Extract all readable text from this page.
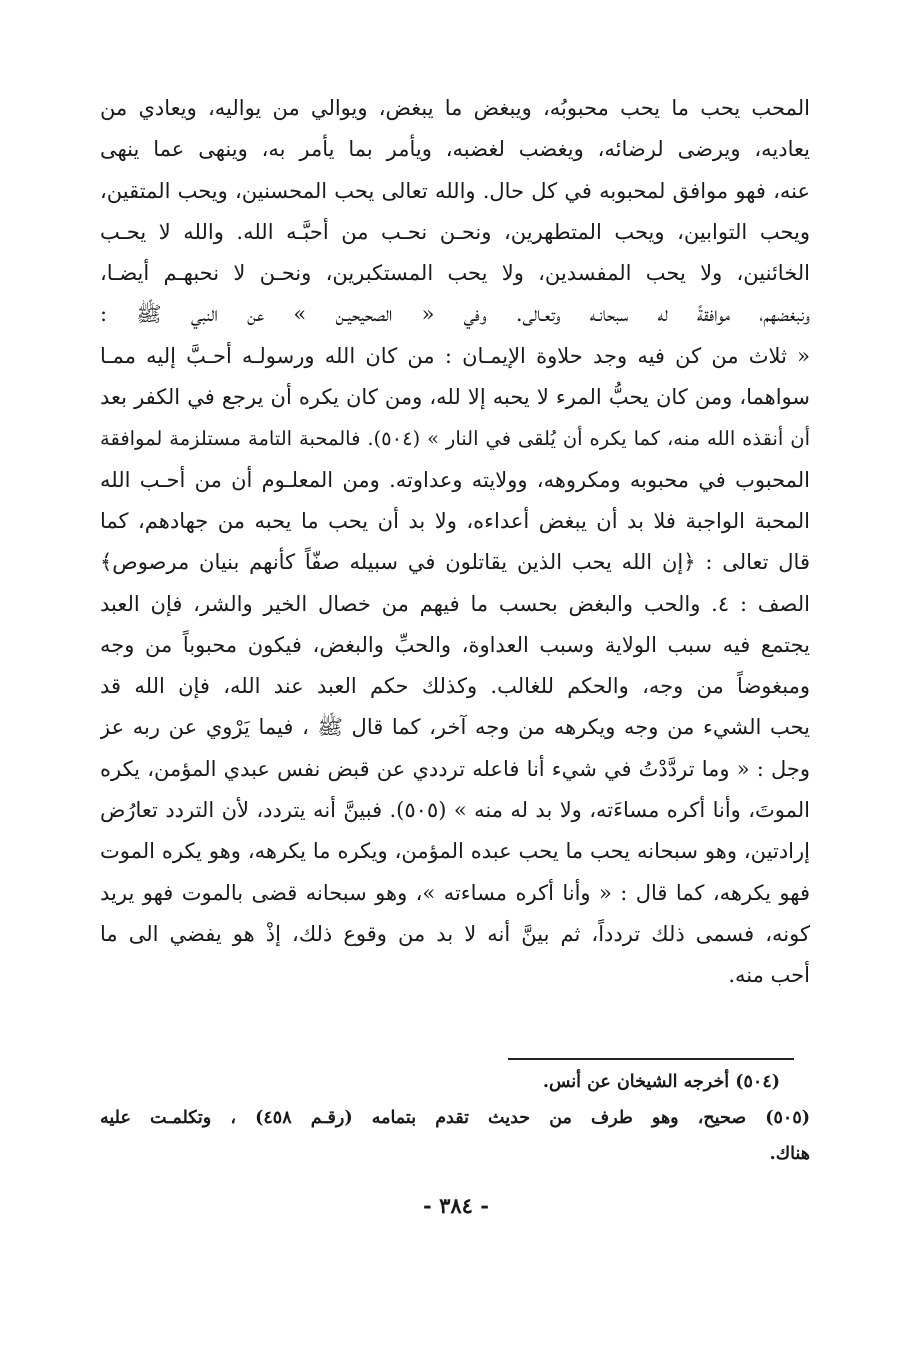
المحب يحب ما يحب محبوبُه، ويبغض ما يبغض، ويوالي من يواليه، ويعادي من
يعاديه، ويرضى لرضائه، ويغضب لغضبه، ويأمر بما يأمر به، وينهى عما ينهى
عنه، فهو موافق لمحبوبه في كل حال. والله تعالى يحب المحسنين، ويحب المتقين،
ويحب التوابين، ويحب المتطهرين، ونحـن نحـب من أحبَّـه الله. والله لا يحـب
الخائنين، ولا يحب المفسدين، ولا يحب المستكبرين، ونحـن لا نحبهـم أيضـا،
ونبغضهم، موافقةً له سبحانـه وتعـالى. وفي « الصحيحيـن » عن النبي ﷺ :
« ثلاث من كن فيه وجد حلاوة الإيمـان : من كان الله ورسولـه أحـبَّ إليه ممـا
سواهما، ومن كان يحبُّ المرء لا يحبه إلا لله، ومن كان يكره أن يرجع في الكفر بعد
أن أنقذه الله منه، كما يكره أن يُلقى في النار » (٥٠٤). فالمحبة التامة مستلزمة لموافقة
المحبوب في محبوبه ومكروهه، وولايته وعداوته. ومن المعلـوم أن من أحـب الله
المحبة الواجبة فلا بد أن يبغض أعداءه، ولا بد أن يحب ما يحبه من جهادهم، كما
قال تعالى : ﴿إن الله يحب الذين يقاتلون في سبيله صفّاً كأنهم بنيان مرصوص﴾
الصف : ٤. والحب والبغض بحسب ما فيهم من خصال الخير والشر، فإن العبد
يجتمع فيه سبب الولاية وسبب العداوة، والحبِّ والبغض، فيكون محبوباً من وجه
ومبغوضاً من وجه، والحكم للغالب. وكذلك حكم العبد عند الله، فإن الله قد
يحب الشيء من وجه ويكرهه من وجه آخر، كما قال ﷺ ، فيما يَرْوي عن ربه عز
وجل : « وما تردَّدْتُ في شيء أنا فاعله ترددي عن قبض نفس عبدي المؤمن، يكره
الموتَ، وأنا أكره مساءَته، ولا بد له منه » (٥٠٥). فبينَّ أنه يتردد، لأن التردد تعارُض
إرادتين، وهو سبحانه يحب ما يحب عبده المؤمن، ويكره ما يكرهه، وهو يكره الموت
فهو يكرهه، كما قال : « وأنا أكره مساءته »، وهو سبحانه قضى بالموت فهو يريد
كونه، فسمى ذلك تردداً، ثم بينَّ أنه لا بد من وقوع ذلك، إذْ هو يفضي الى ما
أحب منه.
(٥٠٤) أخرجه الشيخان عن أنس.
(٥٠٥) صحيح، وهو طرف من حديث تقدم بتمامه (رقـم ٤٥٨) ، وتكلمـت عليه
هناك.
- ٣٨٤ -
